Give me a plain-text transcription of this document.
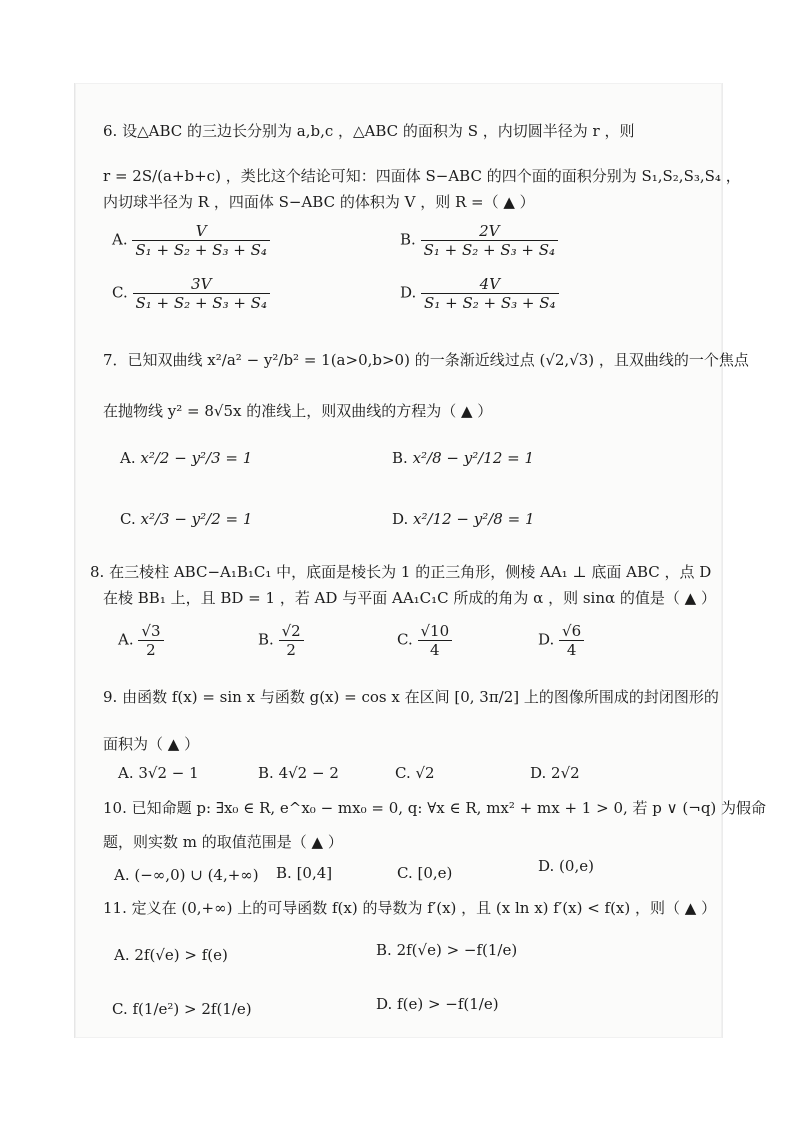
6. 设△ABC 的三边长分别为 a,b,c ，△ABC 的面积为 S ，内切圆半径为 r ，则
r = 2S/(a+b+c) ，类比这个结论可知：四面体 S−ABC 的四个面的面积分别为 S₁,S₂,S₃,S₄ ，
内切球半径为 R ，四面体 S−ABC 的体积为 V ，则 R =（ ▲ ）
A. $\frac{V}{\text{S₁ + S₂ + S₃ + S₄}}$	B. $\frac{2V}{\text{S₁ + S₂ + S₃ + S₄}}$
C. $\frac{3V}{\text{S₁ + S₂ + S₃ + S₄}}$	D. $\frac{4V}{\text{S₁ + S₂ + S₃ + S₄}}$
7．已知双曲线 x²/a² − y²/b² = 1(a>0,b>0) 的一条渐近线过点 (√2,√3) ，且双曲线的一个焦点
在抛物线 y² = 8√5x 的准线上，则双曲线的方程为（ ▲ ）
A. x²/2 − y²/3 = 1	B. x²/8 − y²/12 = 1
C. x²/3 − y²/2 = 1	D. x²/12 − y²/8 = 1
8. 在三棱柱 ABC−A₁B₁C₁ 中，底面是棱长为 1 的正三角形，侧棱 AA₁ ⊥ 底面 ABC ，点 D
在棱 BB₁ 上，且 BD = 1 ，若 AD 与平面 AA₁C₁C 所成的角为 α ，则 sinα 的值是（ ▲ ）
A. $\frac{√3}{2}$	B. $\frac{√2}{2}$	C. $\frac{√10}{4}$	D. $\frac{√6}{4}$
9. 由函数 f(x) = sin x 与函数 g(x) = cos x 在区间 [0, 3π/2] 上的图像所围成的封闭图形的
面积为（ ▲ ）
A. 3√2 − 1	B. 4√2 − 2	C. √2	D. 2√2
10. 已知命题 p: ∃x₀ ∈ R, e^x₀ − mx₀ = 0, q: ∀x ∈ R, mx² + mx + 1 > 0, 若 p ∨ (¬q) 为假命
题，则实数 m 的取值范围是（ ▲ ）
A. (−∞,0) ∪ (4,+∞) B. [0,4]	C. [0,e)	D. (0,e)
11. 定义在 (0,+∞) 上的可导函数 f(x) 的导数为 f′(x) ，且 (x ln x) f′(x) < f(x) ，则（ ▲ ）
A. 2f(√e) > f(e)	B. 2f(√e) > −f(1/e)
C. f(1/e²) > 2f(1/e)	D. f(e) > −f(1/e)
